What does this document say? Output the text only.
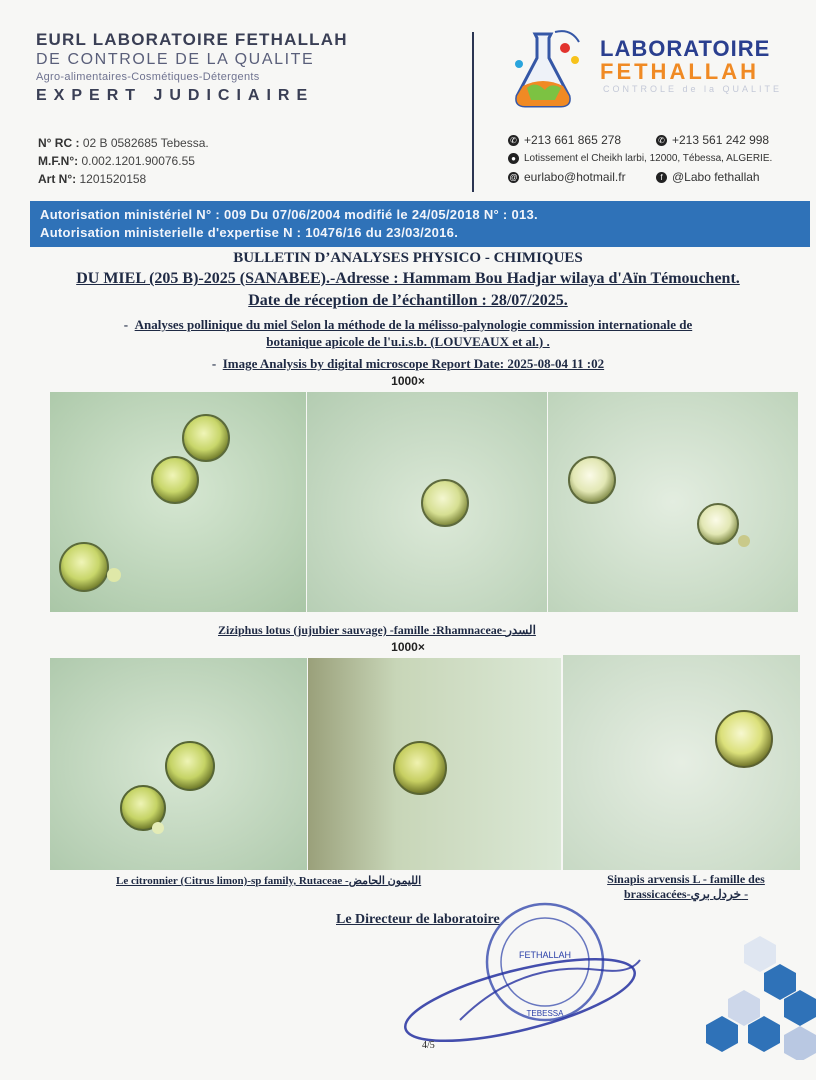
EURL LABORATOIRE FETHALLAH
DE CONTROLE DE LA QUALITE
Agro-alimentaires-Cosmétiques-Détergents
EXPERT JUDICIAIRE
N° RC : 02 B 0582685 Tebessa.
M.F.N°: 0.002.1201.90076.55
Art N°: 1201520158
LABORATOIRE
FETHALLAH
CONTROLE de la QUALITE
✆ +213 661 865 278	✆ +213 561 242 998
● Lotissement el Cheikh larbi, 12000, Tébessa, ALGERIE.
@ eurlabo@hotmail.fr	f @Labo fethallah
Autorisation ministériel N° : 009 Du 07/06/2004 modifié le 24/05/2018 N° : 013.
Autorisation ministerielle d'expertise N : 10476/16 du 23/03/2016.
BULLETIN D’ANALYSES PHYSICO - CHIMIQUES
DU MIEL (205 B)-2025 (SANABEE).-Adresse : Hammam Bou Hadjar wilaya d'Aïn Témouchent.
Date de réception de l’échantillon : 28/07/2025.
- Analyses pollinique du miel Selon la méthode de la mélisso-palynologie commission internationale de
botanique apicole de l'u.i.s.b. (LOUVEAUX et al.) .
- Image Analysis by digital microscope Report Date: 2025-08-04 11 :02
1000×
Ziziphus lotus (jujubier sauvage) -famille :Rhamnaceae-السدر
1000×
Le citronnier (Citrus limon)-sp family, Rutaceae -الليمون الحامض	Sinapis arvensis L - famille des
brassicacées-خردل بري -
Le Directeur de laboratoire
FETHALLAH
TEBESSA
4/5
